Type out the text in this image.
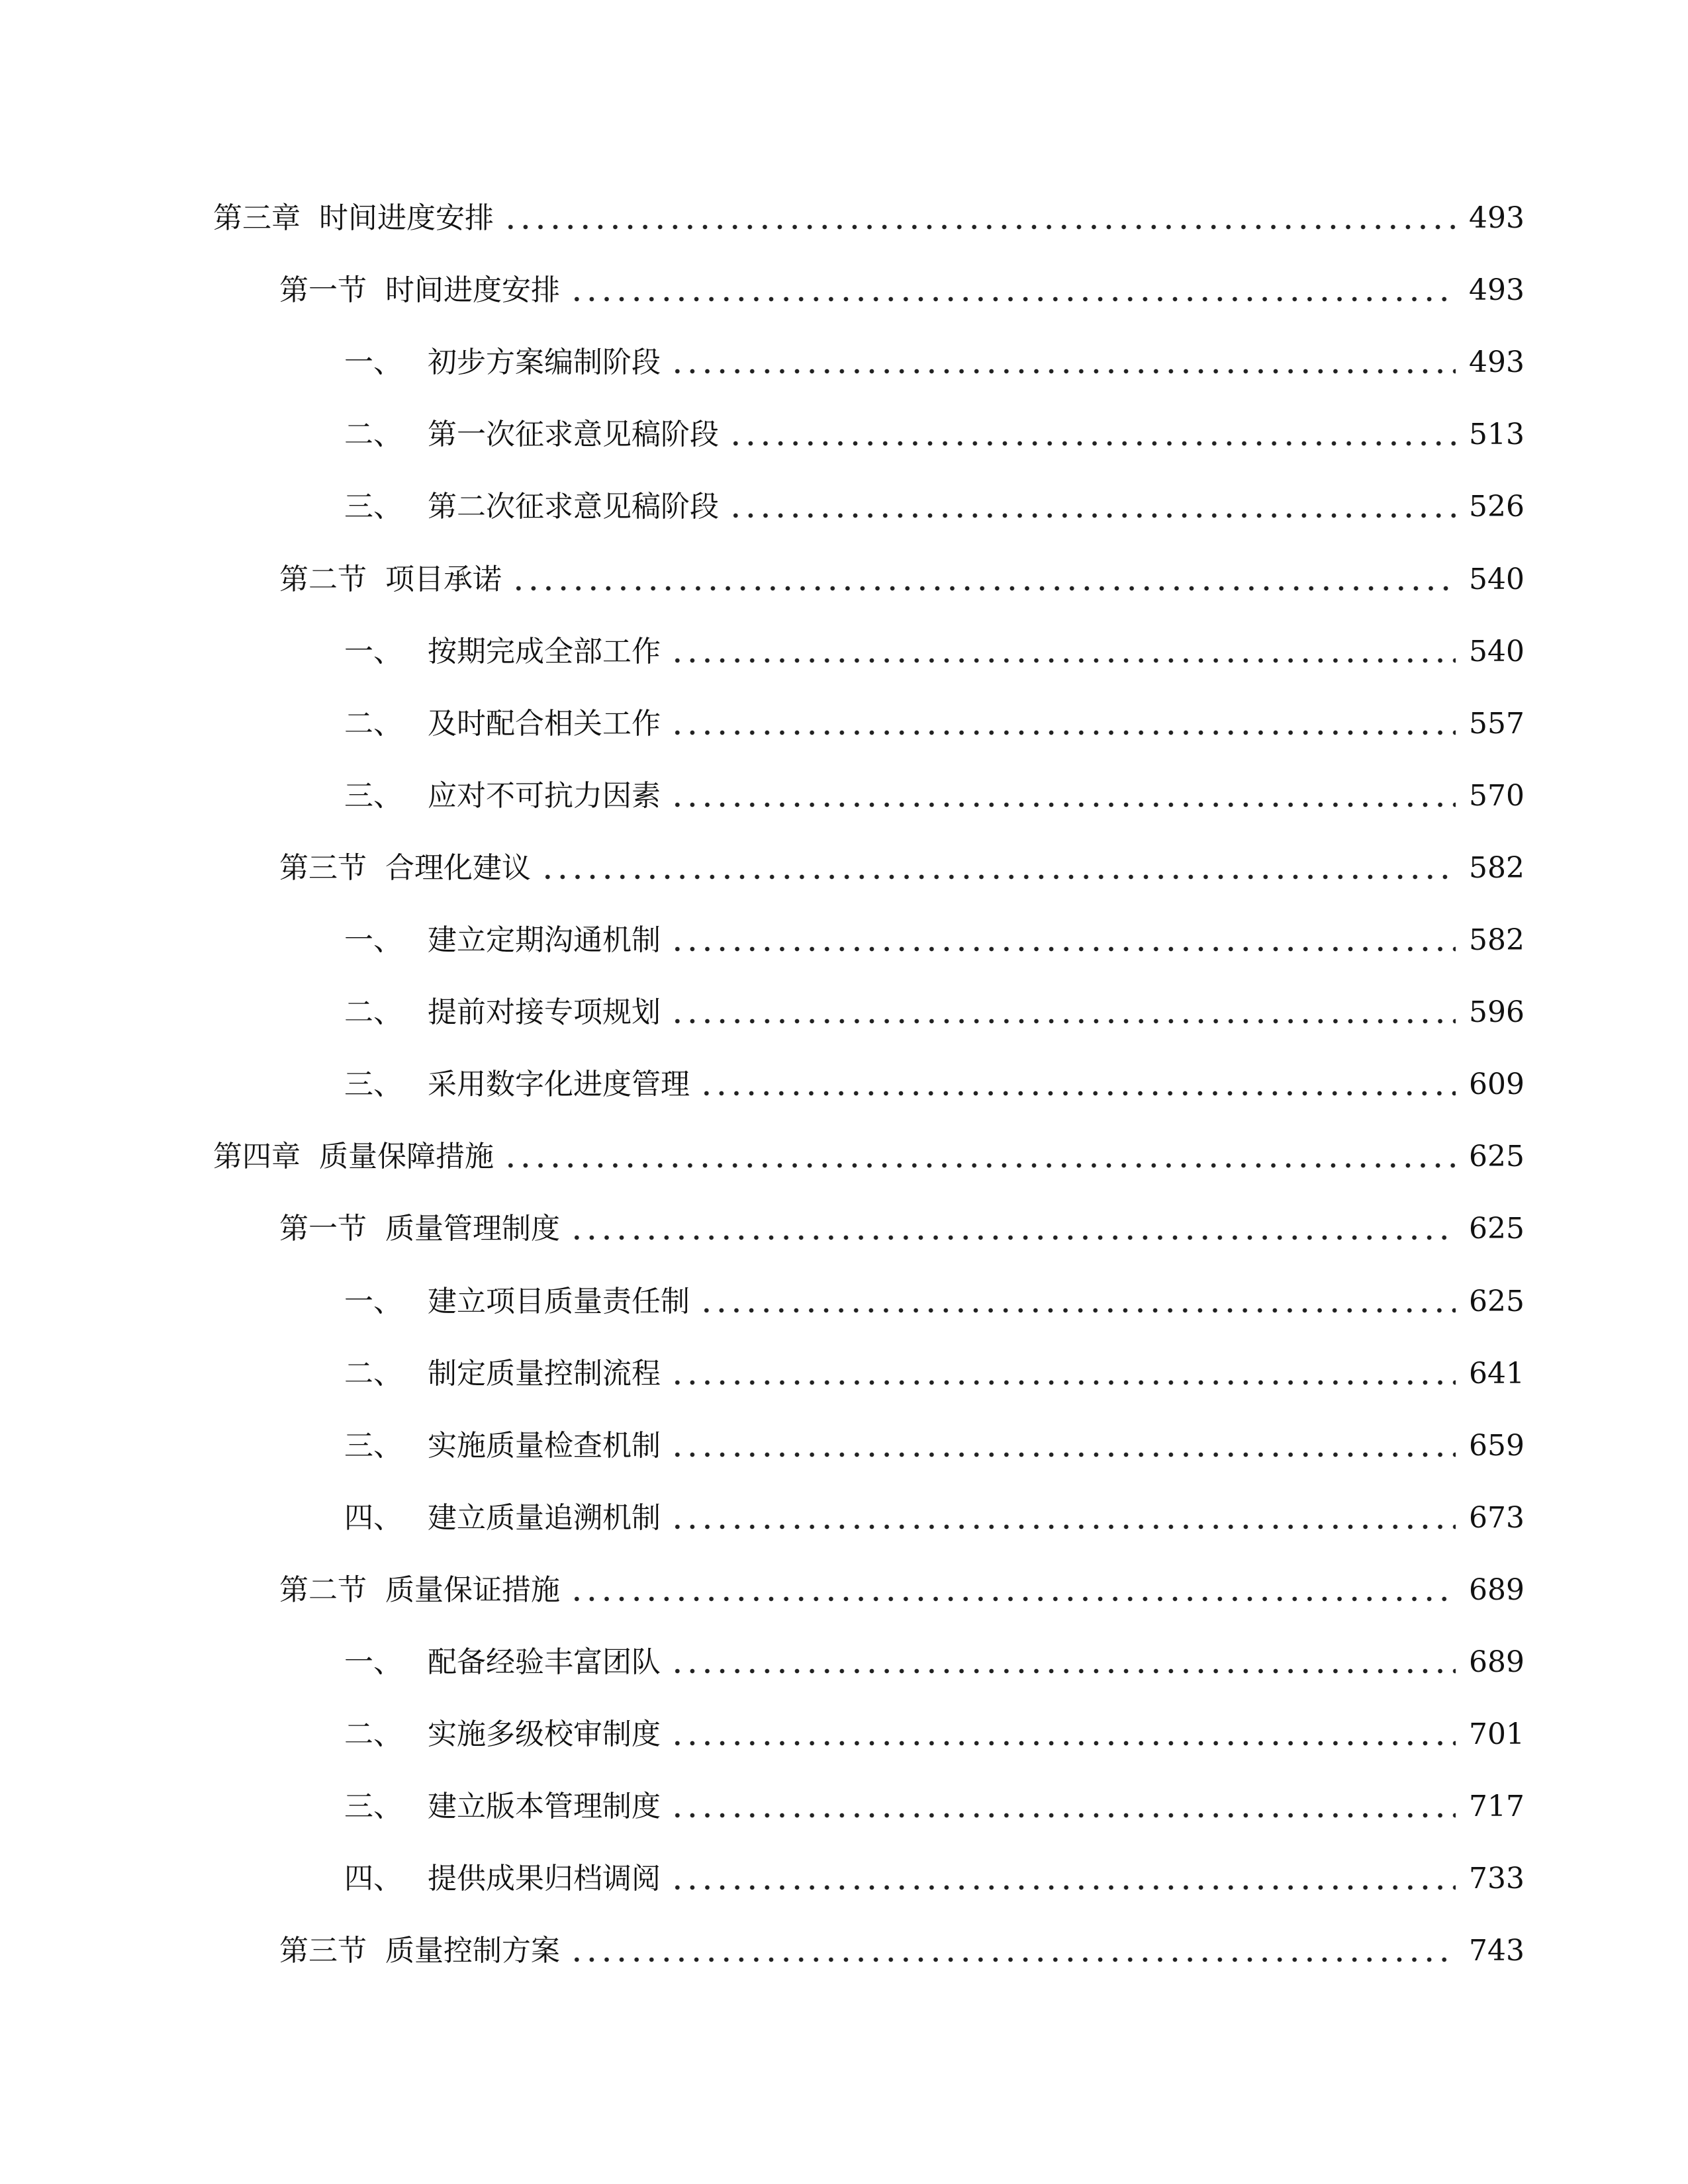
第三章 时间进度安排	493
第一节 时间进度安排	493
一、 初步方案编制阶段	493
二、 第一次征求意见稿阶段	513
三、 第二次征求意见稿阶段	526
第二节 项目承诺	540
一、 按期完成全部工作	540
二、 及时配合相关工作	557
三、 应对不可抗力因素	570
第三节 合理化建议	582
一、 建立定期沟通机制	582
二、 提前对接专项规划	596
三、 采用数字化进度管理	609
第四章 质量保障措施	625
第一节 质量管理制度	625
一、 建立项目质量责任制	625
二、 制定质量控制流程	641
三、 实施质量检查机制	659
四、 建立质量追溯机制	673
第二节 质量保证措施	689
一、 配备经验丰富团队	689
二、 实施多级校审制度	701
三、 建立版本管理制度	717
四、 提供成果归档调阅	733
第三节 质量控制方案	743
